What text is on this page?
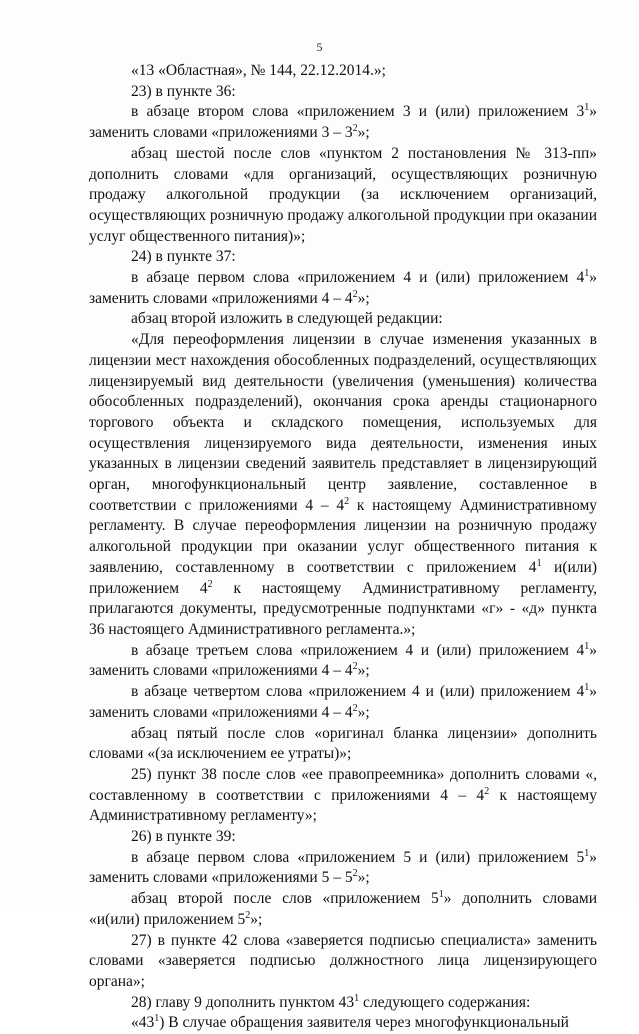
5

«13 «Областная», № 144, 22.12.2014.»;

23) в пункте 36:

в абзаце втором слова «приложением 3 и (или) приложением $3^1$» заменить словами «приложениями $3 - 3^2$»;

абзац шестой после слов «пунктом 2 постановления № 313-пп» дополнить словами «для организаций, осуществляющих розничную продажу алкогольной продукции (за исключением организаций, осуществляющих розничную продажу алкогольной продукции при оказании услуг общественного питания)»;

24) в пункте 37:

в абзаце первом слова «приложением 4 и (или) приложением $4^1$» заменить словами «приложениями $4 - 4^2$»;

абзац второй изложить в следующей редакции:

«Для переоформления лицензии в случае изменения указанных в лицензии мест нахождения обособленных подразделений, осуществляющих лицензируемый вид деятельности (увеличения (уменьшения) количества обособленных подразделений), окончания срока аренды стационарного торгового объекта и складского помещения, используемых для осуществления лицензируемого вида деятельности, изменения иных указанных в лицензии сведений заявитель представляет в лицензирующий орган, многофункциональный центр заявление, составленное в соответствии с приложениями $4 - 4^2$ к настоящему Административному регламенту. В случае переоформления лицензии на розничную продажу алкогольной продукции при оказании услуг общественного питания к заявлению, составленному в соответствии с приложением $4^1$ и(или) приложением $4^2$ к настоящему Административному регламенту, прилагаются документы, предусмотренные подпунктами «г» - «д» пункта 36 настоящего Административного регламента.»;

в абзаце третьем слова «приложением 4 и (или) приложением $4^1$» заменить словами «приложениями $4 - 4^2$»;

в абзаце четвертом слова «приложением 4 и (или) приложением $4^1$» заменить словами «приложениями $4 - 4^2$»;

абзац пятый после слов «оригинал бланка лицензии» дополнить словами «(за исключением ее утраты)»;

25) пункт 38 после слов «ее правопреемника» дополнить словами «, составленному в соответствии с приложениями $4 - 4^2$ к настоящему Административному регламенту»;

26) в пункте 39:

в абзаце первом слова «приложением 5 и (или) приложением $5^1$» заменить словами «приложениями $5 - 5^2$»;

абзац второй после слов «приложением $5^1$» дополнить словами «и(или) приложением $5^2$»;

27) в пункте 42 слова «заверяется подписью специалиста» заменить словами «заверяется подписью должностного лица лицензирующего органа»;

28) главу 9 дополнить пунктом $43^1$ следующего содержания:

«$43^1$) В случае обращения заявителя через многофункциональный
